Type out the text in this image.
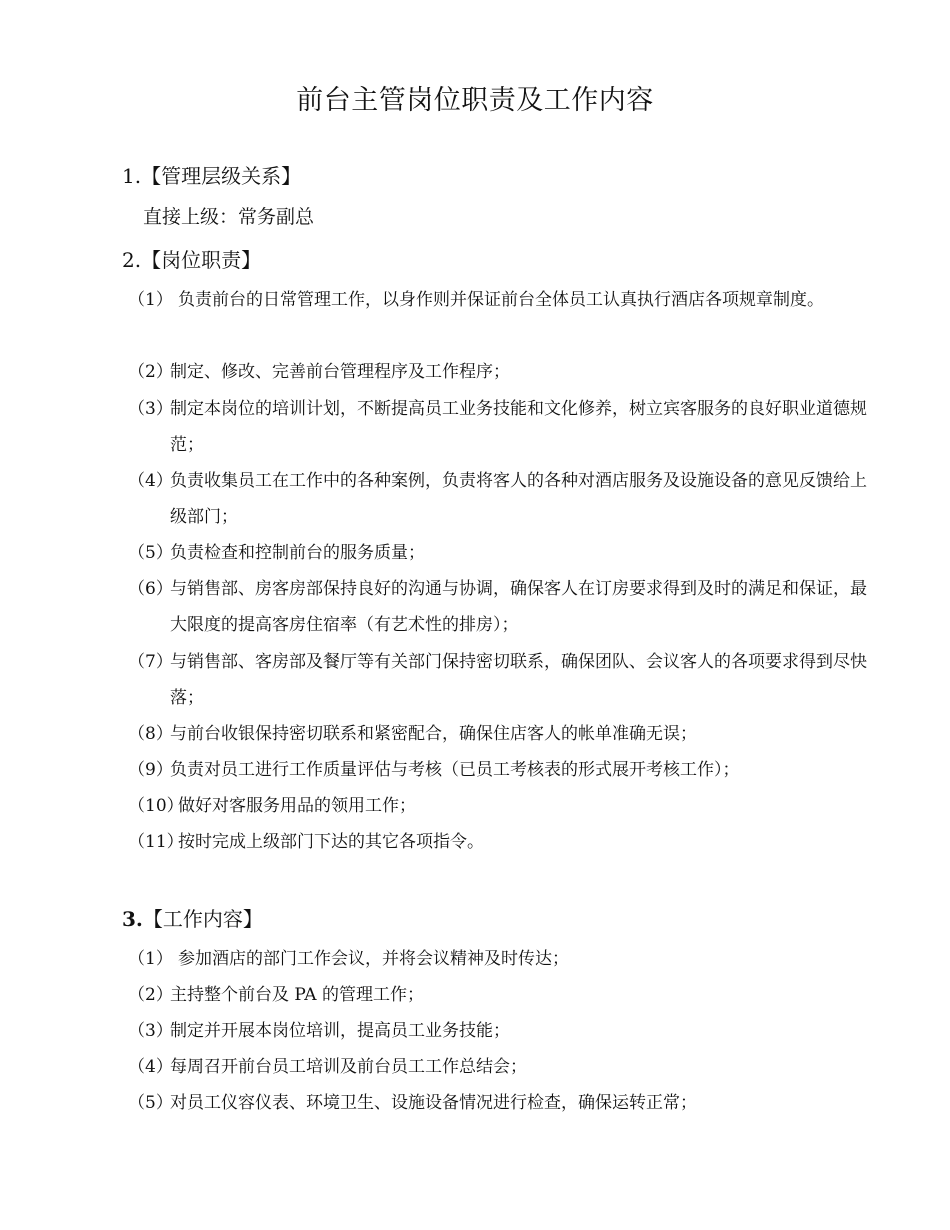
前台主管岗位职责及工作内容
1.【管理层级关系】
直接上级：常务副总
2.【岗位职责】
（1） 负责前台的日常管理工作，以身作则并保证前台全体员工认真执行酒店各项规章制度。
（2）
制定、修改、完善前台管理程序及工作程序；
（3）
制定本岗位的培训计划，不断提高员工业务技能和文化修养，树立宾客服务的良好职业道德规范；
（4）
负责收集员工在工作中的各种案例，负责将客人的各种对酒店服务及设施设备的意见反馈给上级部门；
（5）
负责检查和控制前台的服务质量；
（6）
与销售部、房客房部保持良好的沟通与协调，确保客人在订房要求得到及时的满足和保证，最大限度的提高客房住宿率（有艺术性的排房）；
（7）
与销售部、客房部及餐厅等有关部门保持密切联系，确保团队、会议客人的各项要求得到尽快落；
（8）
与前台收银保持密切联系和紧密配合，确保住店客人的帐单准确无误；
（9）
负责对员工进行工作质量评估与考核（已员工考核表的形式展开考核工作）；
（10）
做好对客服务用品的领用工作；
（11）
按时完成上级部门下达的其它各项指令。
3.【工作内容】
（1） 参加酒店的部门工作会议，并将会议精神及时传达；
（2）
主持整个前台及 PA 的管理工作；
（3）
制定并开展本岗位培训，提高员工业务技能；
（4）
每周召开前台员工培训及前台员工工作总结会；
（5）
对员工仪容仪表、环境卫生、设施设备情况进行检查，确保运转正常；
